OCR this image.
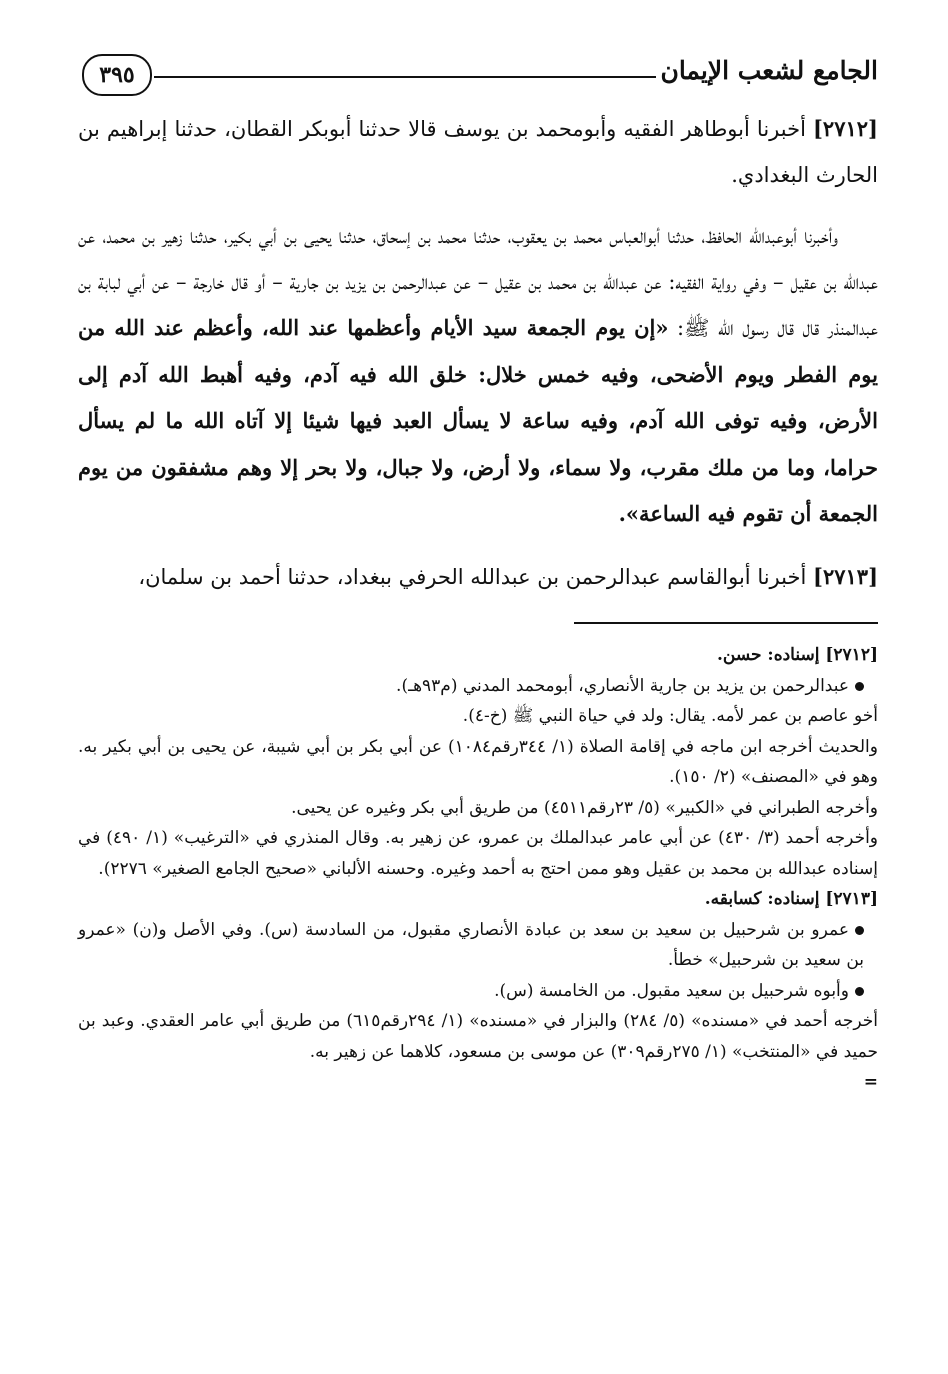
الجامع لشعب الإيمان
٣٩٥

[٢٧١٢] أخبرنا أبوطاهر الفقيه وأبومحمد بن يوسف قالا حدثنا أبوبكر القطان، حدثنا إبراهيم بن الحارث البغدادي.

وأخبرنا أبوعبدالله الحافظ، حدثنا أبوالعباس محمد بن يعقوب، حدثنا محمد بن إسحاق، حدثنا يحيى بن أبي بكير، حدثنا زهير بن محمد، عن عبدالله بن عقيل – وفي رواية الفقيه: عن عبدالله بن محمد بن عقيل – عن عبدالرحمن بن يزيد بن جارية – أو قال خارجة – عن أبي لبابة بن عبدالمنذر قال قال رسول الله ﷺ: «إن يوم الجمعة سيد الأيام وأعظمها عند الله، وأعظم عند الله من يوم الفطر ويوم الأضحى، وفيه خمس خلال: خلق الله فيه آدم، وفيه أهبط الله آدم إلى الأرض، وفيه توفى الله آدم، وفيه ساعة لا يسأل العبد فيها شيئا إلا آتاه الله ما لم يسأل حراما، وما من ملك مقرب، ولا سماء، ولا أرض، ولا جبال، ولا بحر إلا وهم مشفقون من يوم الجمعة أن تقوم فيه الساعة».

[٢٧١٣] أخبرنا أبوالقاسم عبدالرحمن بن عبدالله الحرفي ببغداد، حدثنا أحمد بن سلمان،

[٢٧١٢] إسناده: حسن.

عبدالرحمن بن يزيد بن جارية الأنصاري، أبومحمد المدني (م٩٣هـ).

أخو عاصم بن عمر لأمه. يقال: ولد في حياة النبي ﷺ (خ-٤).

والحديث أخرجه ابن ماجه في إقامة الصلاة (١/ ٣٤٤رقم١٠٨٤) عن أبي بكر بن أبي شيبة، عن يحيى بن أبي بكير به. وهو في «المصنف» (٢/ ١٥٠).

وأخرجه الطبراني في «الكبير» (٥/ ٢٣رقم٤٥١١) من طريق أبي بكر وغيره عن يحيى.

وأخرجه أحمد (٣/ ٤٣٠) عن أبي عامر عبدالملك بن عمرو، عن زهير به. وقال المنذري في «الترغيب» (١/ ٤٩٠) في إسناده عبدالله بن محمد بن عقيل وهو ممن احتج به أحمد وغيره. وحسنه الألباني «صحيح الجامع الصغير» ٢٢٧٦).

[٢٧١٣] إسناده: كسابقه.

عمرو بن شرحبيل بن سعيد بن سعد بن عبادة الأنصاري مقبول، من السادسة (س). وفي الأصل و(ن) «عمرو بن سعيد بن شرحبيل» خطأ.

وأبوه شرحبيل بن سعيد مقبول. من الخامسة (س).

أخرجه أحمد في «مسنده» (٥/ ٢٨٤) والبزار في «مسنده» (١/ ٢٩٤رقم٦١٥) من طريق أبي عامر العقدي. وعبد بن حميد في «المنتخب» (١/ ٢٧٥رقم٣٠٩) عن موسى بن مسعود، كلاهما عن زهير به.

=
